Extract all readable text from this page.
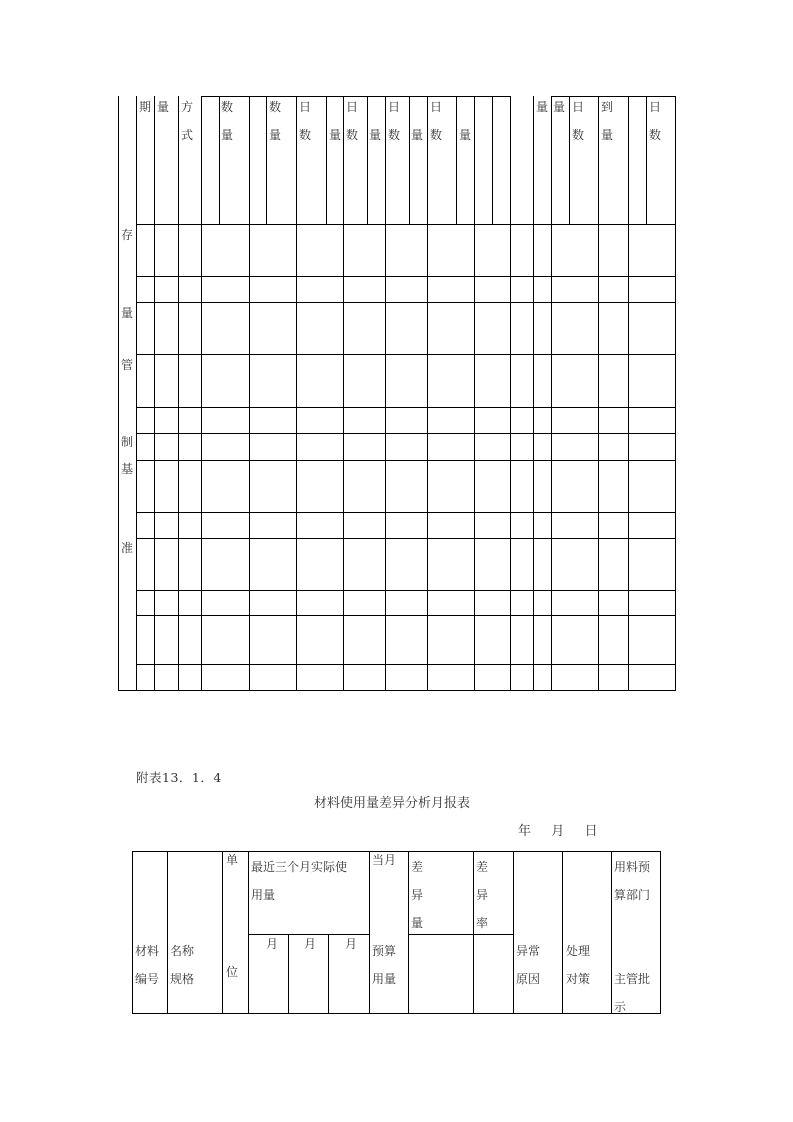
期 量 方
式
数
量
数
量
日
数 量
日
数 量
日
数 量
日
数 量
量 量 日
数
到
量
日
数
存
量
管
制
基
准
附表13．1．4
材料使用量差异分析月报表
年 月 日
材料
编号
名称
规格
单
位
最近三个月实际使
用量
月 月 月
当月
预算
用量
差
异
量
差
异
率
异常
原因
处理
对策
用料预
算部门
主管批
示
